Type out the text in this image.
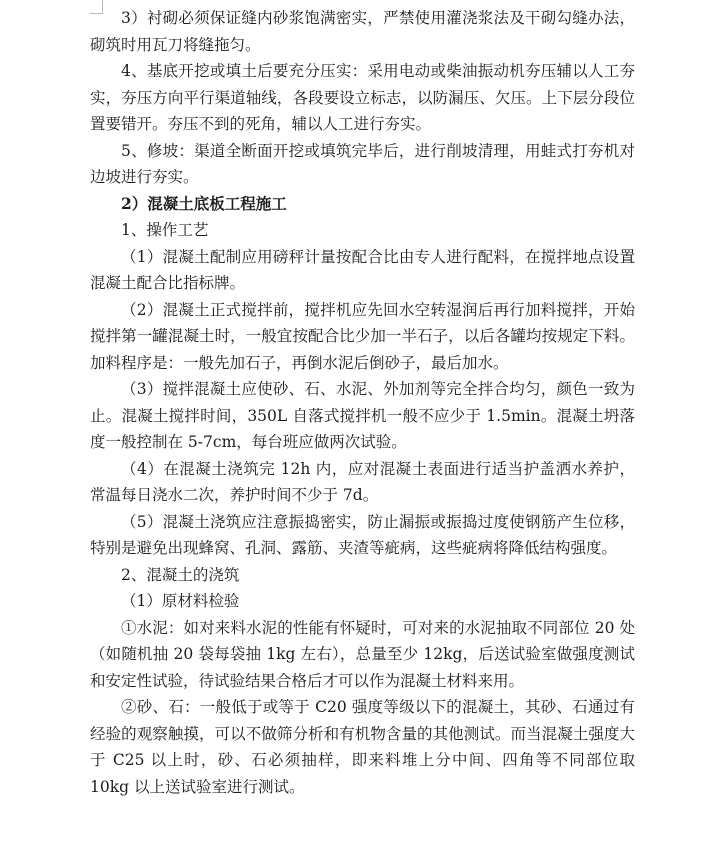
3）衬砌必须保证缝内砂浆饱满密实，严禁使用灌浇浆法及干砌勾缝办法，砌筑时用瓦刀将缝拖匀。

4、基底开挖或填土后要充分压实：采用电动或柴油振动机夯压辅以人工夯实，夯压方向平行渠道轴线，各段要设立标志，以防漏压、欠压。上下层分段位置要错开。夯压不到的死角，辅以人工进行夯实。

5、修坡：渠道全断面开挖或填筑完毕后，进行削坡清理，用蛙式打夯机对边坡进行夯实。

2）混凝土底板工程施工

1、操作工艺

（1）混凝土配制应用磅秤计量按配合比由专人进行配料，在搅拌地点设置混凝土配合比指标牌。

（2）混凝土正式搅拌前，搅拌机应先回水空转湿润后再行加料搅拌，开始搅拌第一罐混凝土时，一般宜按配合比少加一半石子，以后各罐均按规定下料。加料程序是：一般先加石子，再倒水泥后倒砂子，最后加水。

（3）搅拌混凝土应使砂、石、水泥、外加剂等完全拌合均匀，颜色一致为止。混凝土搅拌时间，350L 自落式搅拌机一般不应少于 1.5min。混凝土坍落度一般控制在 5-7cm，每台班应做两次试验。

（4）在混凝土浇筑完 12h 内，应对混凝土表面进行适当护盖洒水养护，常温每日浇水二次，养护时间不少于 7d。

（5）混凝土浇筑应注意振捣密实，防止漏振或振捣过度使钢筋产生位移，特别是避免出现蜂窝、孔洞、露筋、夹渣等疵病，这些疵病将降低结构强度。

2、混凝土的浇筑

（1）原材料检验

①水泥：如对来料水泥的性能有怀疑时，可对来的水泥抽取不同部位 20 处（如随机抽 20 袋每袋抽 1kg 左右），总量至少 12kg，后送试验室做强度测试和安定性试验，待试验结果合格后才可以作为混凝土材料来用。

②砂、石：一般低于或等于 C20 强度等级以下的混凝土，其砂、石通过有经验的观察触摸，可以不做筛分析和有机物含量的其他测试。而当混凝土强度大于 C25 以上时，砂、石必须抽样，即来料堆上分中间、四角等不同部位取 10kg 以上送试验室进行测试。
